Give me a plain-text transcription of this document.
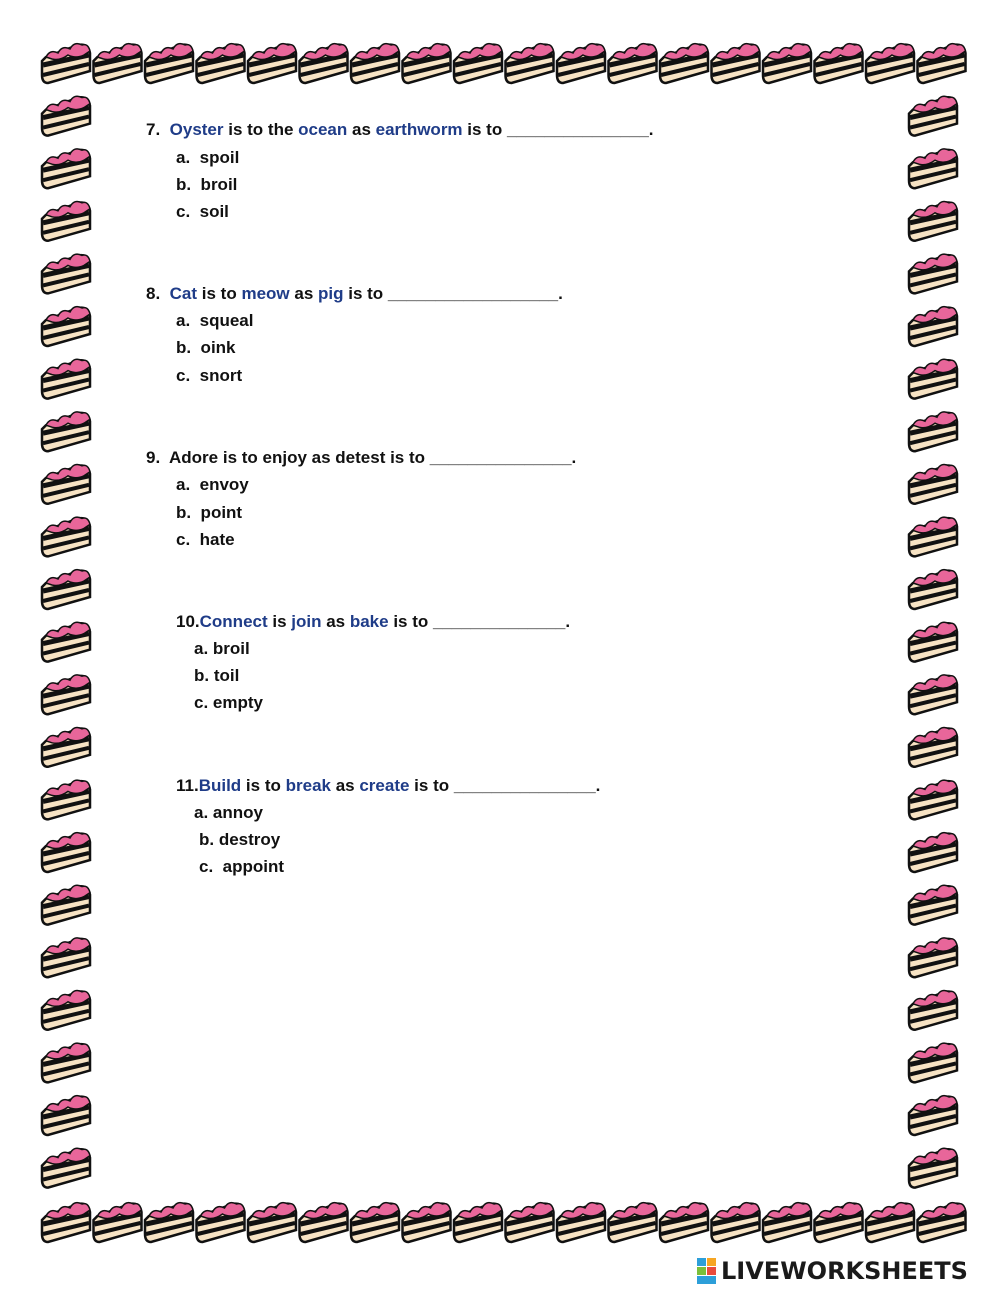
7. Oyster is to the ocean as earthworm is to _______________.
a.  spoil
b.  broil
c.  soil
8. Cat is to meow as pig is to __________________.
a.  squeal
b.  oink
c.  snort
9. Adore is to enjoy as detest is to _______________.
a.  envoy
b.  point
c.  hate
10.Connect is join as bake is to ______________.
a. broil
b. toil
c. empty
11.Build is to break as create is to _______________.
a. annoy
b. destroy
c.  appoint
LIVEWORKSHEETS
